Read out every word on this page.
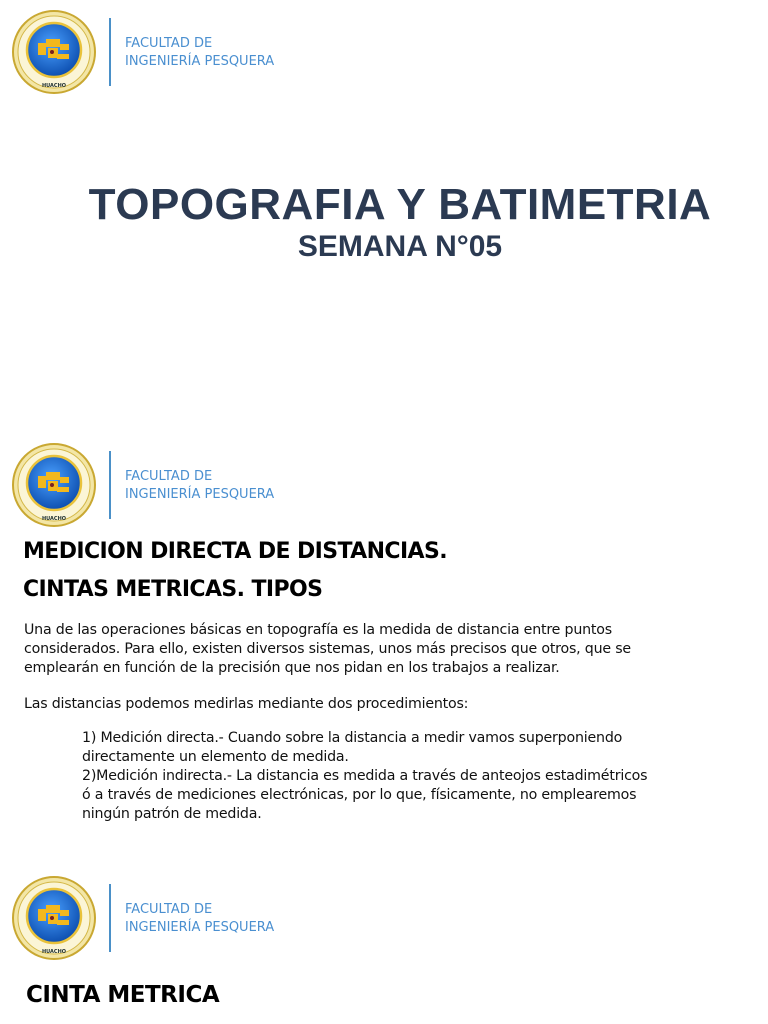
FACULTAD DE
INGENIERÍA PESQUERA
TOPOGRAFIA Y BATIMETRIA
SEMANA N°05
FACULTAD DE
INGENIERÍA PESQUERA
MEDICION DIRECTA DE DISTANCIAS.
CINTAS METRICAS. TIPOS
Una de las operaciones básicas en topografía es la medida de distancia entre puntos
considerados. Para ello, existen diversos sistemas, unos más precisos que otros, que se
emplearán en función de la precisión que nos pidan en los trabajos a realizar.
Las distancias podemos medirlas mediante dos procedimientos:
1) Medición directa.- Cuando sobre la distancia a medir vamos superponiendo
directamente un elemento de medida.
2)Medición indirecta.- La distancia es medida a través de anteojos estadimétricos
ó a través de mediciones electrónicas, por lo que, físicamente, no emplearemos
ningún patrón de medida.
FACULTAD DE
INGENIERÍA PESQUERA
CINTA METRICA
